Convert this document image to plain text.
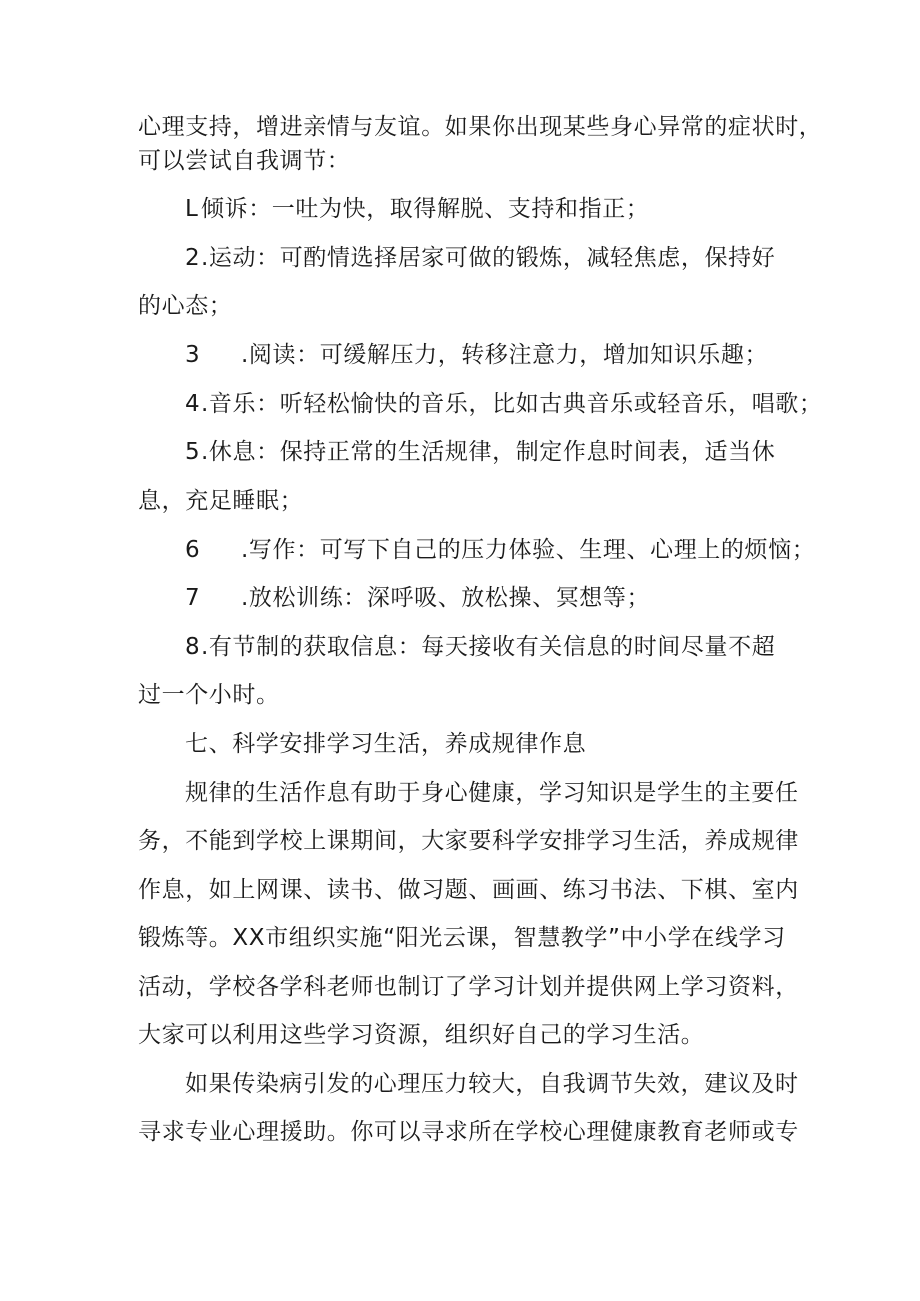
心理支持，增进亲情与友谊。如果你出现某些身心异常的症状时，
可以尝试自我调节：
L 倾诉：一吐为快，取得解脱、支持和指正；
2.运动：可酌情选择居家可做的锻炼，减轻焦虑，保持好
的心态；
3 .阅读：可缓解压力，转移注意力，增加知识乐趣；
4.音乐：听轻松愉快的音乐，比如古典音乐或轻音乐，唱歌；
5.休息：保持正常的生活规律，制定作息时间表，适当休
息，充足睡眠；
6 .写作：可写下自己的压力体验、生理、心理上的烦恼；
7 .放松训练：深呼吸、放松操、冥想等；
8.有节制的获取信息：每天接收有关信息的时间尽量不超
过一个小时。
七、科学安排学习生活，养成规律作息
规律的生活作息有助于身心健康，学习知识是学生的主要任
务，不能到学校上课期间，大家要科学安排学习生活，养成规律
作息，如上网课、读书、做习题、画画、练习书法、下棋、室内
锻炼等。XX市组织实施“阳光云课，智慧教学”中小学在线学习
活动，学校各学科老师也制订了学习计划并提供网上学习资料，
大家可以利用这些学习资源，组织好自己的学习生活。
如果传染病引发的心理压力较大，自我调节失效，建议及时
寻求专业心理援助。你可以寻求所在学校心理健康教育老师或专
